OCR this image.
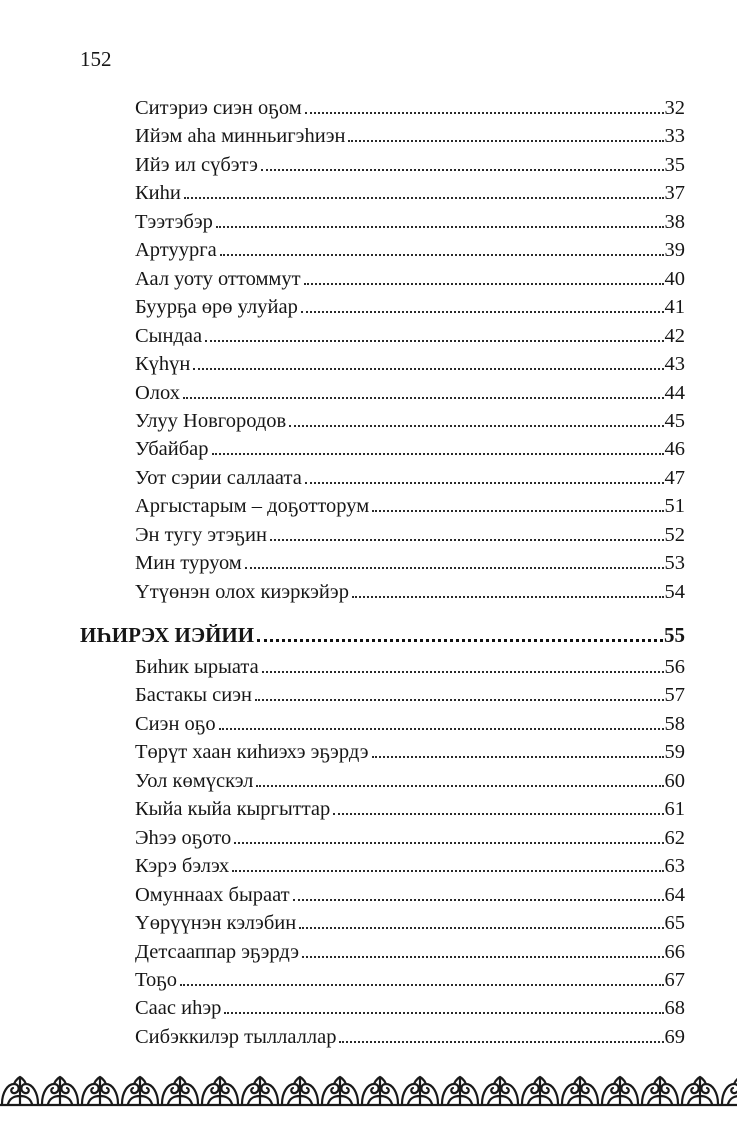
152
Ситэриэ сиэн оҕом	32
Ийэм аһа минньигэһиэн	33
Ийэ ил сүбэтэ	35
Киһи	37
Тээтэбэр	38
Артуурга	39
Аал уоту оттоммут	40
Буурҕа өрө улуйар	41
Сындаа	42
Күһүн	43
Олох	44
Улуу Новгородов	45
Убайбар	46
Уот сэрии саллаата	47
Аргыстарым – доҕотторум	51
Эн тугу этэҕин	52
Мин туруом	53
Үтүөнэн олох киэркэйэр	54
ИҺИРЭХ ИЭЙИИ	55
Биһик ырыата	56
Бастакы сиэн	57
Сиэн оҕо	58
Төрүт хаан киһиэхэ эҕэрдэ	59
Уол көмүскэл	60
Кыйа кыйа кыргыттар	61
Эһээ оҕото	62
Кэрэ бэлэх	63
Омуннаах быраат	64
Үөрүүнэн кэлэбин	65
Детсааппар эҕэрдэ	66
Тоҕо	67
Саас иһэр	68
Сибэккилэр тыллаллар	69
